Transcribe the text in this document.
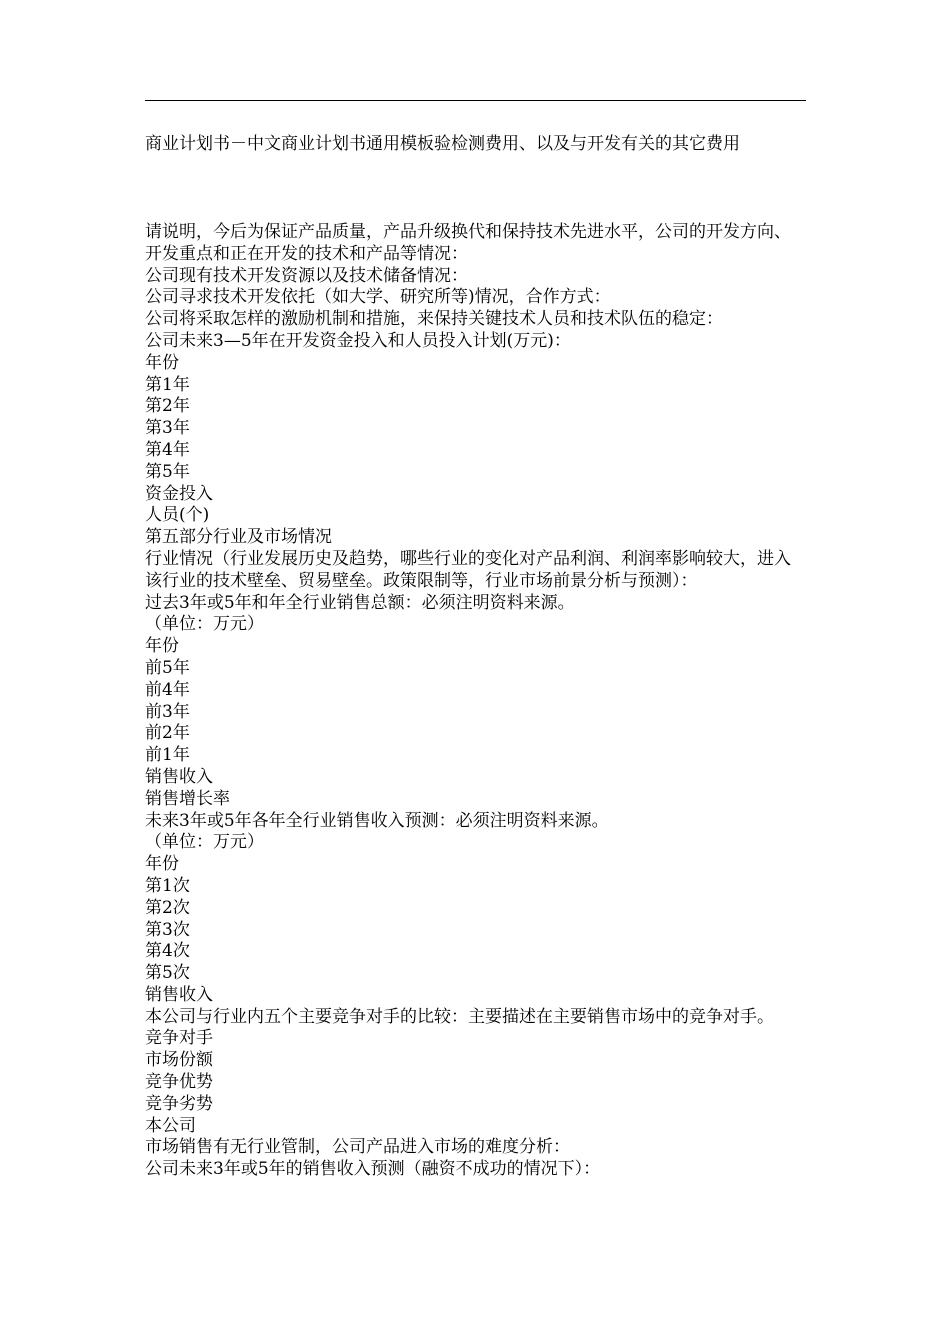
商业计划书－中文商业计划书通用模板验检测费用、以及与开发有关的其它费用
请说明，今后为保证产品质量，产品升级换代和保持技术先进水平，公司的开发方向、开发重点和正在开发的技术和产品等情况：
公司现有技术开发资源以及技术储备情况：
公司寻求技术开发依托（如大学、研究所等)情况，合作方式：
公司将采取怎样的激励机制和措施，来保持关键技术人员和技术队伍的稳定：
公司未来3—5年在开发资金投入和人员投入计划(万元)：
年份
第1年
第2年
第3年
第4年
第5年
资金投入
人员(个)
第五部分行业及市场情况
行业情况（行业发展历史及趋势，哪些行业的变化对产品利润、利润率影响较大，进入该行业的技术壁垒、贸易壁垒。政策限制等，行业市场前景分析与预测）：
过去3年或5年和年全行业销售总额：必须注明资料来源。
（单位：万元）
年份
前5年
前4年
前3年
前2年
前1年
销售收入
销售增长率
未来3年或5年各年全行业销售收入预测：必须注明资料来源。
（单位：万元）
年份
第1次
第2次
第3次
第4次
第5次
销售收入
本公司与行业内五个主要竞争对手的比较：主要描述在主要销售市场中的竞争对手。
竞争对手
市场份额
竞争优势
竞争劣势
本公司
市场销售有无行业管制，公司产品进入市场的难度分析：
公司未来3年或5年的销售收入预测（融资不成功的情况下）：
